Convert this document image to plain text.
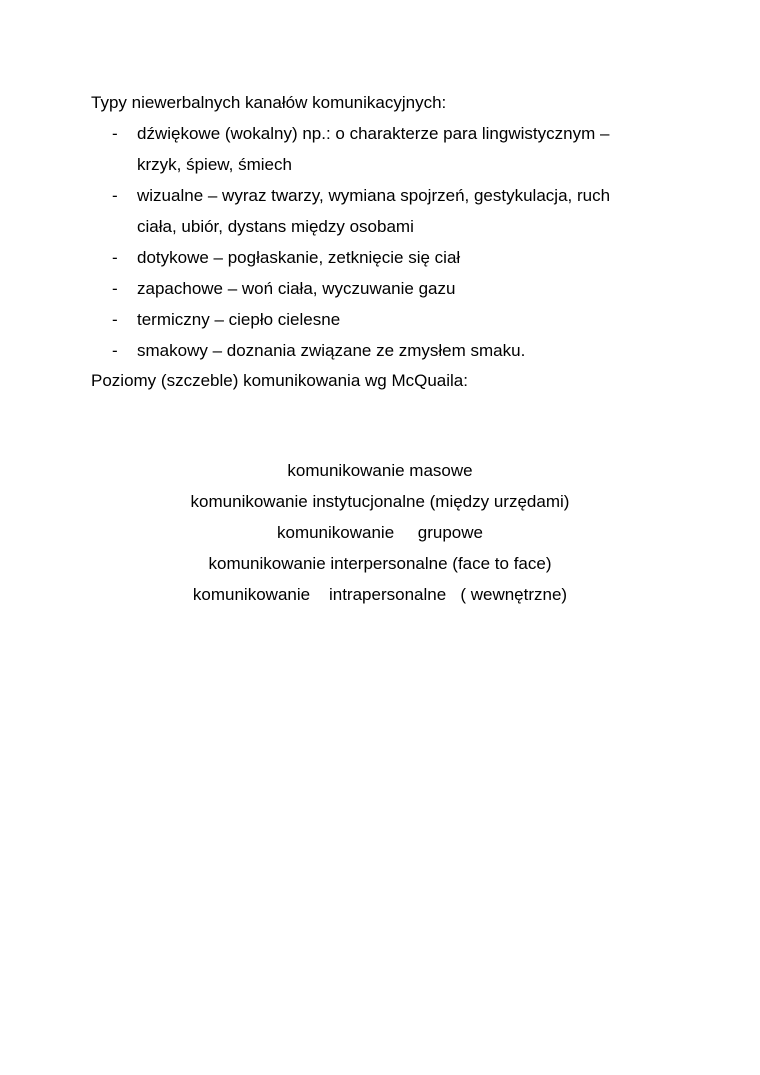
Typy niewerbalnych kanałów komunikacyjnych:
- dźwiękowe (wokalny) np.: o charakterze para lingwistycznym – krzyk, śpiew, śmiech
- wizualne – wyraz twarzy, wymiana spojrzeń, gestykulacja, ruch ciała, ubiór, dystans między osobami
- dotykowe – pogłaskanie, zetknięcie się ciał
- zapachowe – woń ciała, wyczuwanie gazu
- termiczny – ciepło cielesne
- smakowy – doznania związane ze zmysłem smaku.
Poziomy (szczeble) komunikowania wg McQuaila:
komunikowanie masowe
komunikowanie instytucjonalne (między urzędami)
komunikowanie     grupowe
komunikowanie interpersonalne (face to face)
komunikowanie    intrapersonalne   ( wewnętrzne)
